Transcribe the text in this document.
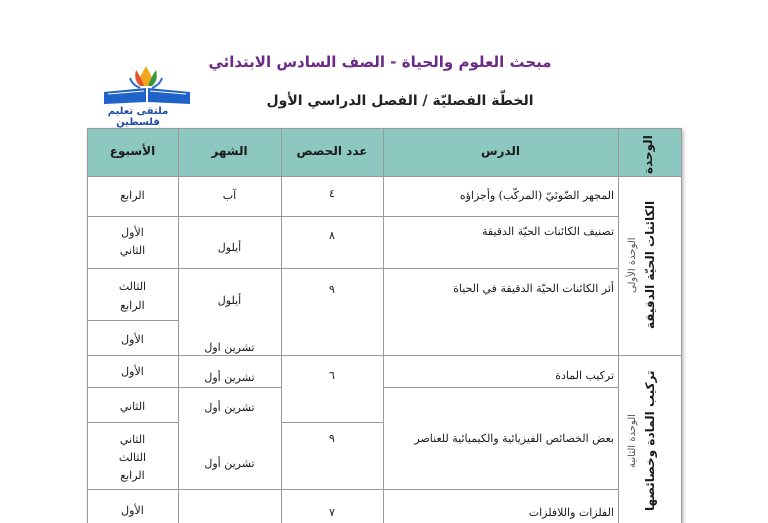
مبحث العلوم والحياة - الصف السادس الابتدائي
الخطّة الفصليّة / الفصل الدراسي الأول
ملتقى تعليم فلسطين
الوحدة
الدرس
عدد الحصص
الشهر
الأسبوع
الوحدة الأولى الكائنات الحيّة الدقيقة
الوحدة الثانية تركيب المادة وخصائصها
المجهر الضّوئيّ (المركّب) وأجزاؤه
تصنيف الكائنات الحيّة الدقيقة
أثر الكائنات الحيّة الدقيقة في الحياة
تركيب المادة
بعض الخصائص الفيزيائية والكيميائية للعناصر
الفلزات واللافلزات
٤
٨
٩
٦
٩
٧
آب
أيلول
أيلول
تشرين اول
تشرين أول
تشرين أول
تشرين أول
الرابع
الأول
الثاني
الثالث
الرابع
الأول
الأول
الثاني
الثاني
الثالث
الرابع
الأول
